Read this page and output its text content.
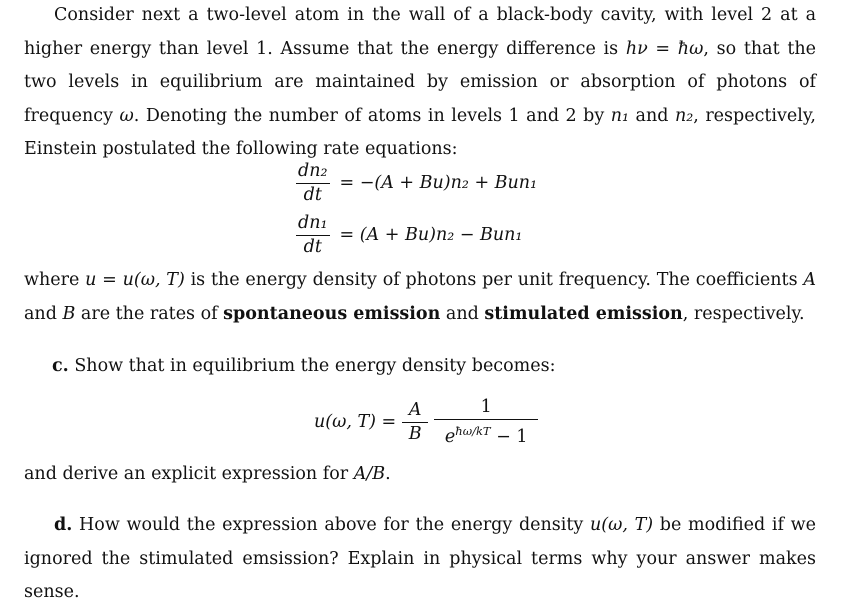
Consider next a two-level atom in the wall of a black-body cavity, with level 2 at a higher energy than level 1. Assume that the energy difference is hν = ħω, so that the two levels in equilibrium are maintained by emission or absorption of photons of frequency ω. Denoting the number of atoms in levels 1 and 2 by n₁ and n₂, respectively, Einstein postulated the following rate equations:

$\frac{\text{dn₂}}{dt} = -(A + Bu)n_2 + Bun_1$
$\frac{\text{dn₁}}{dt} = (A + Bu)n_2 - Bun_1$

where u = u(ω, T) is the energy density of photons per unit frequency. The coefficients A and B are the rates of spontaneous emission and stimulated emission, respectively.

c. Show that in equilibrium the energy density becomes:

u(ω, $T) = \frac{A}{B} \frac{1}{e^{ħ\omega/kT} - 1}$

and derive an explicit expression for A/B.

d. How would the expression above for the energy density u(ω, T) be modified if we ignored the stimulated emsission? Explain in physical terms why your answer makes sense.
